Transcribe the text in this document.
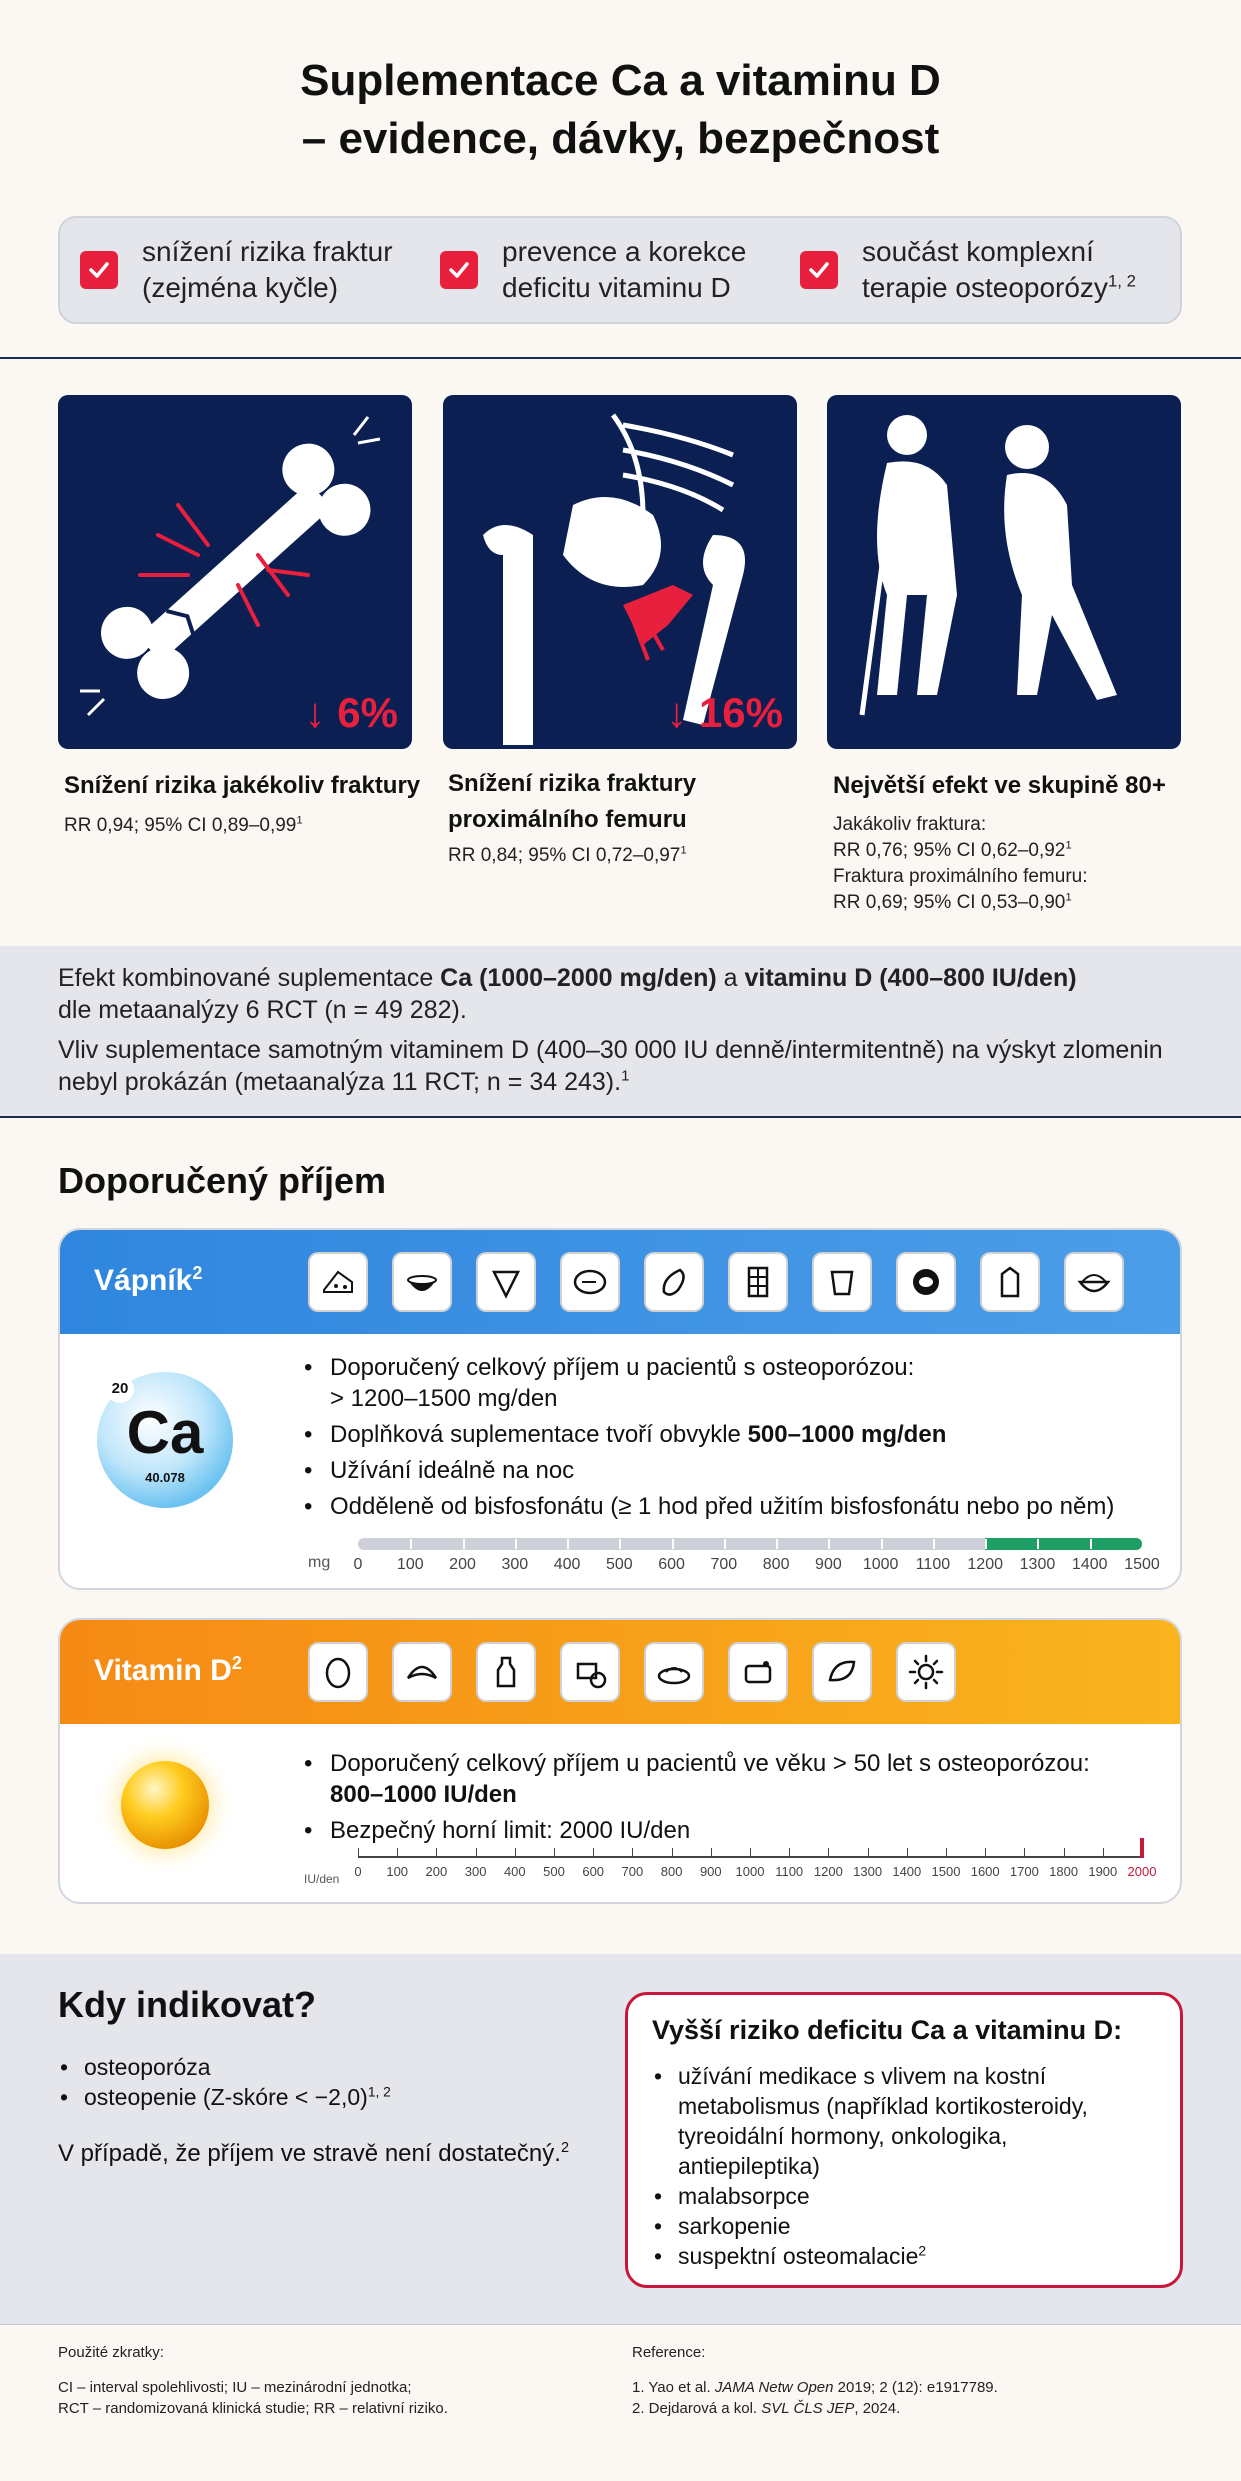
Suplementace Ca a vitaminu D
– evidence, dávky, bezpečnost
snížení rizika fraktur
(zejména kyčle)
prevence a korekce
deficitu vitaminu D
součást komplexní
terapie osteoporózy$^{1, 2}$
↓ 6%
Snížení rizika jakékoliv fraktury
RR 0,94; 95% CI 0,89–0,99$^1$
↓ 16%
Snížení rizika fraktury
proximálního femuru
RR 0,84; 95% CI 0,72–0,97$^1$
Největší efekt ve skupině 80+
Jakákoliv fraktura:
RR 0,76; 95% CI 0,62–0,92$^1$
Fraktura proximálního femuru:
RR 0,69; 95% CI 0,53–0,90$^1$

Efekt kombinované suplementace Ca (1000–2000 mg/den) a vitaminu D (400–800 IU/den)
dle metaanalýzy 6 RCT (n = 49 282).

Vliv suplementace samotným vitaminem D (400–30 000 IU denně/intermitentně) na výskyt zlomenin nebyl prokázán (metaanalýza 11 RCT; n = 34 243).$^1$

Doporučený příjem
Vápník$^2$
20
Ca
40.078
• Doporučený celkový příjem u pacientů s osteoporózou:
> 1200–1500 mg/den
• Doplňková suplementace tvoří obvykle 500–1000 mg/den
• Užívání ideálně na noc
• Odděleně od bisfosfonátu (≥ 1 hod před užitím bisfosfonátu nebo po něm)
mg 0 100 200 300 400 500 600 700 800 900 1000 1100 1200 1300 1400 1500
Vitamin $D^2$
• Doporučený celkový příjem u pacientů ve věku > 50 let s osteoporózou:
800–1000 IU/den
• Bezpečný horní limit: 2000 IU/den
IU/den 0 100 200 300 400 500 600 700 800 900 1000 1100 1200 1300 1400 1500 1600 1700 1800 1900 2000
Kdy indikovat?
• osteoporóza
• osteopenie (Z-skóre < −2,0)$^{1, 2}$
V případě, že příjem ve stravě není dostatečný.$^2$
Vyšší riziko deficitu Ca a vitaminu D:
• užívání medikace s vlivem na kostní
metabolismus (například kortikosteroidy,
tyreoidální hormony, onkologika,
antiepileptika)
• malabsorpce
• sarkopenie
• suspektní osteomalacie$^2$
Použité zkratky:
CI – interval spolehlivosti; IU – mezinárodní jednotka;
RCT – randomizovaná klinická studie; RR – relativní riziko.
Reference:
1. Yao et al. JAMA Netw Open 2019; 2 (12): e1917789.
2. Dejdarová a kol. SVL ČLS JEP, 2024.
